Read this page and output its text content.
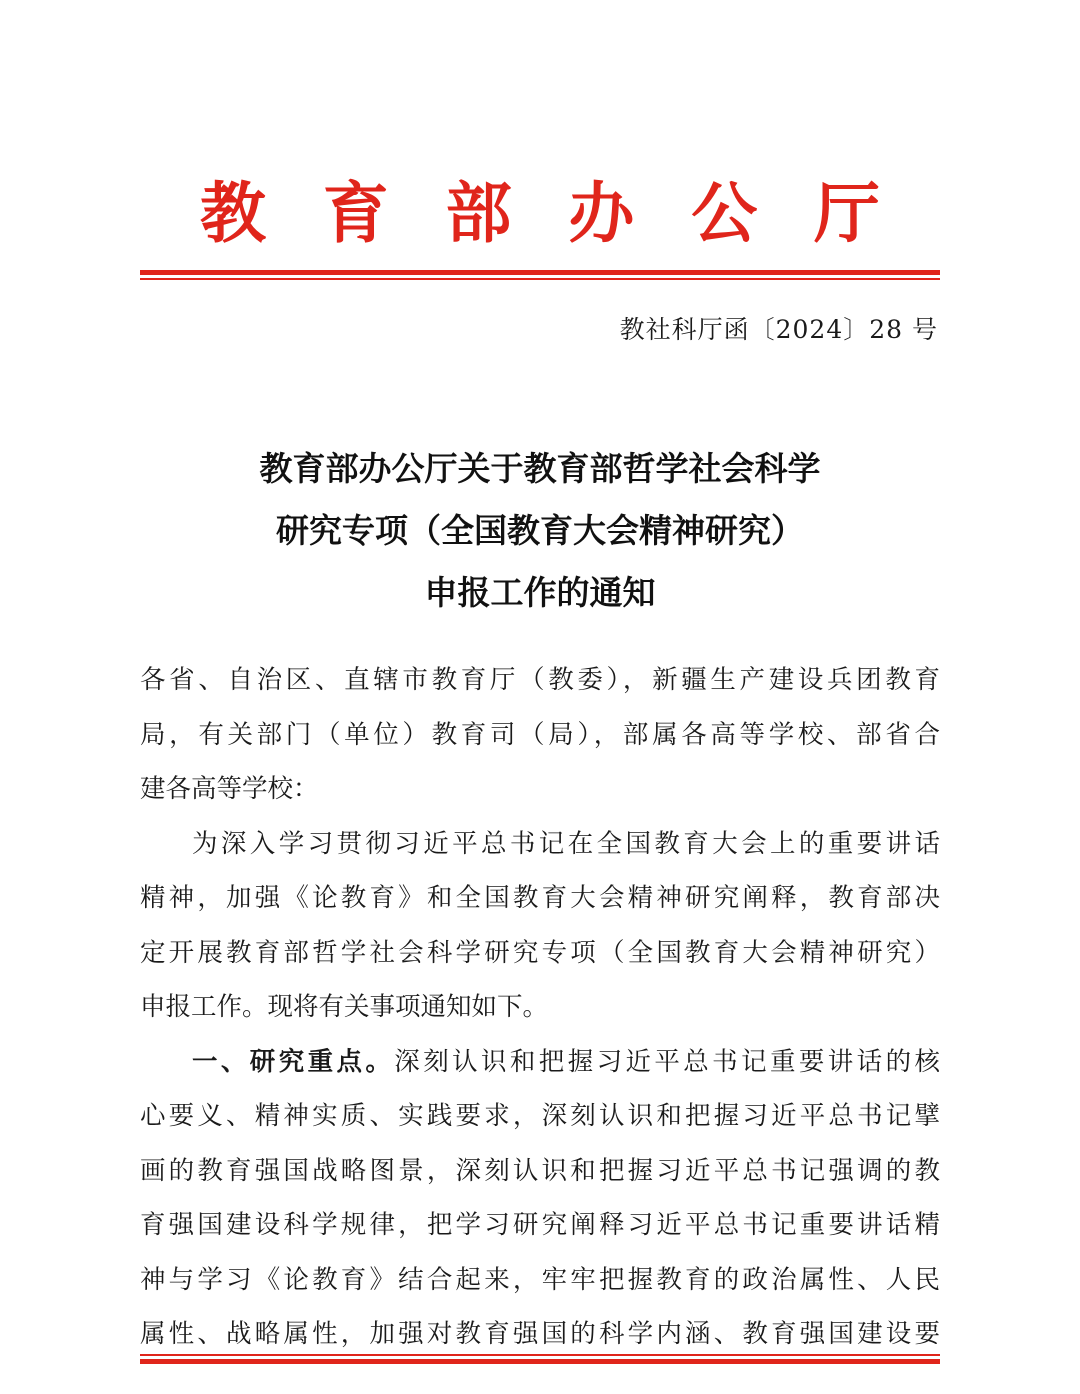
教 育 部 办 公 厅
教社科厅函〔2024〕28 号
教育部办公厅关于教育部哲学社会科学
研究专项（全国教育大会精神研究）
申报工作的通知
各省、自治区、直辖市教育厅（教委），新疆生产建设兵团教育
局，有关部门（单位）教育司（局），部属各高等学校、部省合
建各高等学校：
为深入学习贯彻习近平总书记在全国教育大会上的重要讲话
精神，加强《论教育》和全国教育大会精神研究阐释，教育部决
定开展教育部哲学社会科学研究专项（全国教育大会精神研究）
申报工作。现将有关事项通知如下。
一、研究重点。深刻认识和把握习近平总书记重要讲话的核
心要义、精神实质、实践要求，深刻认识和把握习近平总书记擘
画的教育强国战略图景，深刻认识和把握习近平总书记强调的教
育强国建设科学规律，把学习研究阐释习近平总书记重要讲话精
神与学习《论教育》结合起来，牢牢把握教育的政治属性、人民
属性、战略属性，加强对教育强国的科学内涵、教育强国建设要
